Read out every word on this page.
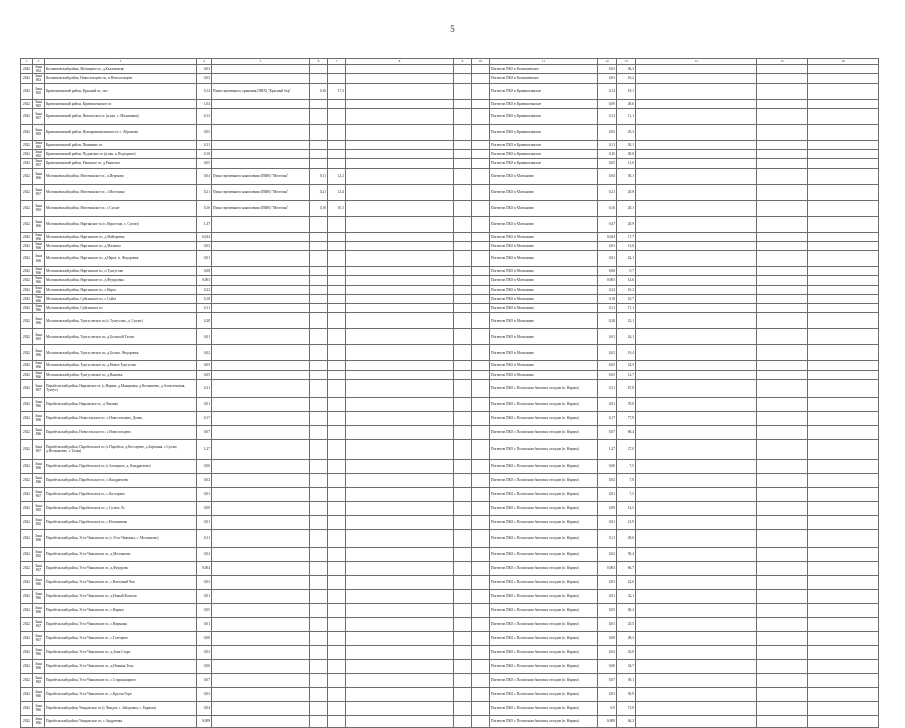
5
1	2	3	4	5	6	7	8	9	10	11	12	13	14	15	16
2022	Зона 862	Колпашевский район, Мочищево пс, д.Калашовско	0,03							Погектов ПБО в Колпашевское	0,03	36,3			
2022	Зона 863	Колпашевский район, Новосельцево пс, п.Новосельцево	0,03							Погектов ПБО в Колпашевское	0,03	16,2			
2022	Зона 865	Кривошеинский район, Красный пс, пос	0,14	Пункт временного хранения (ПВХ) "Красный бор"	0,16	17,3				Погектов ПБО в Кривошеинское	0,14	18,1			
2022	Зона 865	Кривошеинский район, Кривошеинское пс	1,04							Погектов ПБО в Кривошеинское	0,09	28,6			
2022	Зона 867	Кривошеинский район, Никольское пс (н.кап, с. Малиновка)	0,12							Погектов ПБО в Кривошеинское	0,12	11,1			
2022	Зона 865	Кривошеинский район, Новокривошеинское пс с. Абрамово	0,05							Погектов ПБО в Кривошеинское	0,05	20,3			
2022	Зона 865	Кривошеинский район, Пиявкино пс	0,11							Погектов ПБО в Кривошеинское	0,11	30,1			
2022	Зона 865	Кривошеинский район, Пудовское пс (н.кап, п.Подгорное)	0,16							Погектов ПБО в Кривошеинское	0,16	30,6			
2022	Зона 867	Кривошеинский район, Ракитное пс, д.Ракитное	0,05							Погектов ПБО в Кривошеинское	0,05	11,0			
2022	Зона 866	Молчановский район, Могочинское пс, п.Игреково	0,04	Пункт временного накопления (ПВН) "Могочин"	0,11	12,1				Погектов ПБО в Молчаново	0,04	50,1			
2022	Зона 867	Молчановский район, Могочинское пс, с.Могочино	0,21	Пункт временного накопления (ПВН) "Могочин"	0,21	12,4				Погектов ПБО в Молчаново	0,21	20,8			
2022	Зона 865	Молчановский район, Могочинское пс, с.Сулзат	0,16	Пункт временного накопления (ПВН) "Могочин"	0,10	10,1				Погектов ПБО в Молчаново	0,16	20,1			
2022	Зона 866	Молчановский район, Нарганское пс (с.Нарга-кап, с. Сулзат)	1,47							Погектов ПБО в Молчаново	0,47	20,9			
2022	Зона 866	Молчановский район, Наргинское пс, д.Майоровка	0,024							Погектов ПБО в Молчаново	0,024	17,7			
2022	Зона 866	Молчановский район, Наргинское пс, д.Малково	0,03							Погектов ПБО в Молчаново	0,03	13,6			
2022	Зона 866	Молчановский район, Наргинское пс, д.Нарга, п. Федоровка	0,01							Погектов ПБО в Молчаново	0,01	22,1			
2022	Зона 866	Молчановский район, Наргинское пс, п.Тунгусово	0,08							Погектов ПБО в Молчаново	0,08	0,7			
2022	Зона 866	Молчановский район, Наргинское пс, д.Федоровка	0,003							Погектов ПБО в Молчаново	0,003	14,6			
2022	Зона 866	Молчановский район, Наргинское пс, с.Нарга	0,22							Погектов ПБО в Молчаново	0,22	10,2			
2022	Зона 866	Молчановский район, Суйгинское пс, с.Суйга	0,18							Погектов ПБО в Молчаново	0,18	10,7			
2022	Зона 866	Молчановский район, Суйгинское пс	0,11							Погектов ПБО в Молчаново	0,11	17,1			
2022	Зона 866	Молчановский район, Тунгусовское пс (с.Тунгусово, д. Сулзат)	0,28							Погектов ПБО в Молчаново	0,28	23,1			
2022	Зона 865	Молчановский район, Тунгусовское пс, д.Большой Татош	0,01							Погектов ПБО в Молчаново	0,01	24,1			
2022	Зона 866	Молчановский район, Тунгусовское пс, д.Больш. Федоровка	0,02							Погектов ПБО в Молчаново	0,02	19,4			
2022	Зона 866	Молчановский район, Тунгусовское пс, д.Новое Тунгусово	0,05							Погектов ПБО в Молчаново	0,05	22,5			
2022	Зона 866	Молчановский район, Тунгусовское пс, д.Ваковка	0,05							Погектов ПБО в Молчаново	0,05	12,7			
2022	Зона 867	Парабельский район, Нарымское пс (с.Нарым, д.Макаровка, д.Колпашево, д.Алексеевская, Тунгус)	0,31							Погектов ПБО с Полигоном бытовых отходов (п. Нарым)	0,31	67,8			
2022	Зона 866	Парабельский район, Нарымское пс, д.Чизапка	0,01							Погектов ПБО с Полигоном бытовых отходов (п. Нарым)	0,01	70,0			
2022	Зона 866	Парабельский район, Новосельское пс, с.Новосельцево, Донец	0,17							Погектов ПБО с Полигоном бытовых отходов (п. Нарым)	0,17	77,9			
2022	Зона 866	Парабельский район, Новосельское пс, с.Новосельцево	0,07							Погектов ПБО с Полигоном бытовых отходов (п. Нарым)	0,07	68,4			
2022	Зона 867	Парабельский район, Парабельское пс (с.Парабель, д.Костарево, д.Заречная, с.Сулзат, д.Нельмачево, с.Талья)	1,27							Погектов ПБО с Полигоном бытовых отходов (п. Нарым)	1,27	27,0			
2022	Зона 866	Парабельский район, Парабельское пс (с.Заозерное, д. Кондратьево)	0,06							Погектов ПБО с Полигоном бытовых отходов (п. Нарым)	0,06	7,5			
2022	Зона 866	Парабельский район, Парабельское пс, с.Кондратьево	0,02							Погектов ПБО с Полигоном бытовых отходов (п. Нарым)	0,02	7,0			
2022	Зона 867	Парабельский район, Парабельское пс, с.Костарево	0,01							Погектов ПБО с Полигоном бытовых отходов (п. Нарым)	0,01	7,5			
2022	Зона 865	Парабельский район, Парабельское пс, с.Сулзат, Лс	0,09							Погектов ПБО с Полигоном бытовых отходов (п. Нарым)	0,09	14,5			
2022	Зона 865	Парабельский район, Парабельское пс, с.Нельмачево	0,01							Погектов ПБО с Полигоном бытовых отходов (п. Нарым)	0,01	21,9			
2022	Зона 866	Парабельский район, Усть-Чижапское пс (с.Усть-Чижапка, с. Молчаново)	0,11							Погектов ПБО с Полигоном бытовых отходов (п. Нарым)	0,11	49,6			
2022	Зона 865	Парабельский район, Усть-Чижапское пс, д.Молчаново	0,02							Погектов ПБО с Полигоном бытовых отходов (п. Нарым)	0,02	50,4			
2022	Зона 867	Парабельский район, Усть-Чижапское пс, д.Федорово	0,004							Погектов ПБО с Полигоном бытовых отходов (п. Нарым)	0,004	66,7			
2022	Зона 866	Парабельский район, Усть-Чижапское пс, с.Вахтовый Чая	0,03							Погектов ПБО с Полигоном бытовых отходов (п. Нарым)	0,03	22,6			
2022	Зона 866	Парабельский район, Усть-Чижапское пс, д.Новый Колпаш	0,01							Погектов ПБО с Полигоном бытовых отходов (п. Нарым)	0,01	32,1			
2022	Зона 866	Парабельский район, Усть-Чижапское пс, с.Нарым	0,05							Погектов ПБО с Полигоном бытовых отходов (п. Нарым)	0,05	40,2			
2022	Зона 867	Парабельский район, Усть-Чижапское пс, с.Нарымка	0,01							Погектов ПБО с Полигоном бытовых отходов (п. Нарым)	0,01	25,5			
2022	Зона 867	Парабельский район, Усть-Чижапское пс, с.Голещево	0,08							Погектов ПБО с Полигоном бытовых отходов (п. Нарым)	0,08	48,3			
2022	Зона 866	Парабельский район, Усть-Чижапское пс, д.Зона Старо	0,02							Погектов ПБО с Полигоном бытовых отходов (п. Нарым)	0,02	43,9			
2022	Зона 866	Парабельский район, Усть-Чижапское пс, д.Нижняя Тоял	0,06							Погектов ПБО с Полигоном бытовых отходов (п. Нарым)	0,06	34,7			
2022	Зона 865	Парабельский район, Усть-Чижапское пс, с.Староназарово	0,07							Погектов ПБО с Полигоном бытовых отходов (п. Нарым)	0,07	39,1			
2022	Зона 866	Парабельский район, Усть-Чижапское пс, с.Кругая Гора	0,03							Погектов ПБО с Полигоном бытовых отходов (п. Нарым)	0,03	50,9			
2022	Зона 866	Парабельский район, Чиндатское пс (с.Чиндат, с. Заборовка, с. Бирюля)	0,04							Погектов ПБО с Полигоном бытовых отходов (п. Нарым)	0,0	73,9			
2022	Зона 866	Парабельский район, Чиндатское пс, с.Андреевка	0,008							Погектов ПБО с Полигоном бытовых отходов (п. Нарым)	0,008	64,2			
